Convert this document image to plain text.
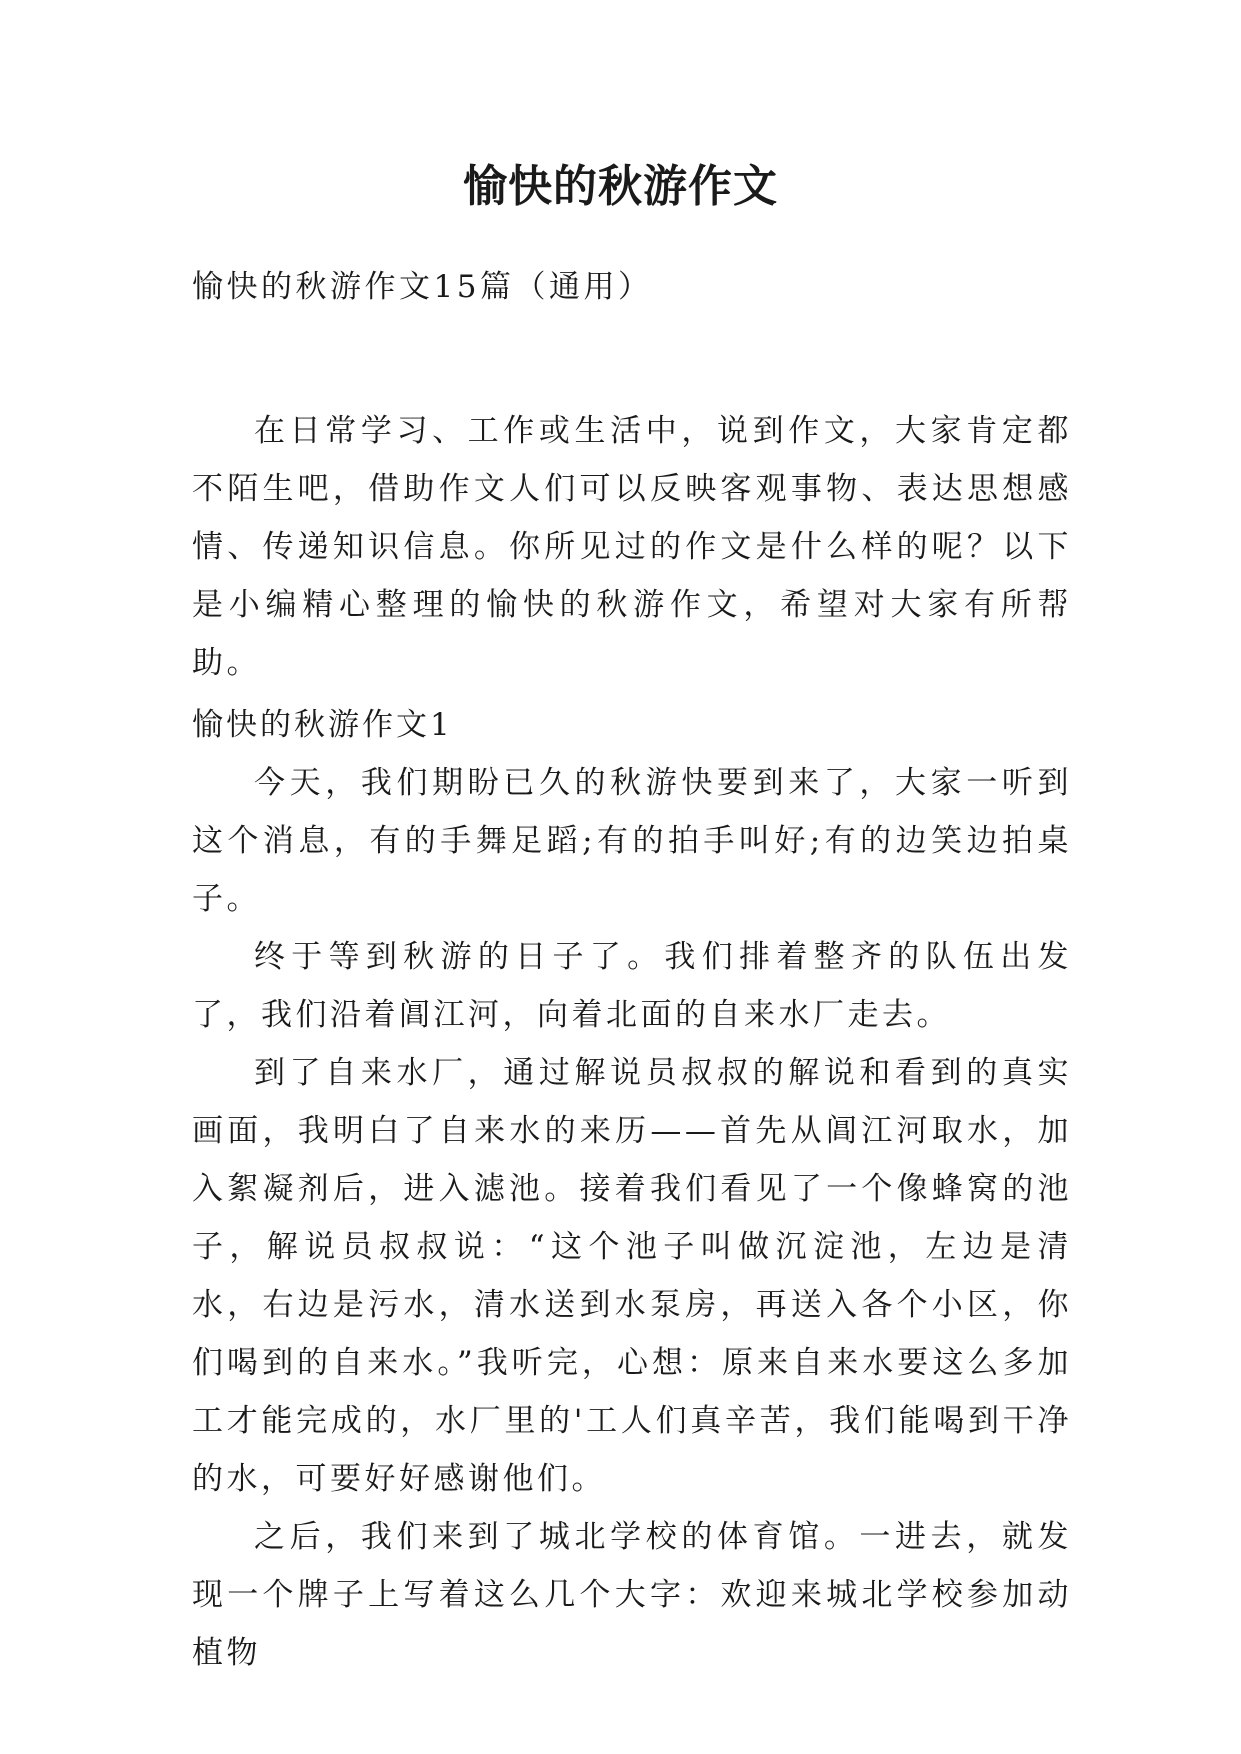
愉快的秋游作文
愉快的秋游作文15篇（通用）

在日常学习、工作或生活中，说到作文，大家肯定都不陌生吧，借助作文人们可以反映客观事物、表达思想感情、传递知识信息。你所见过的作文是什么样的呢？以下是小编精心整理的愉快的秋游作文，希望对大家有所帮助。

愉快的秋游作文1

今天，我们期盼已久的秋游快要到来了，大家一听到这个消息，有的手舞足蹈;有的拍手叫好;有的边笑边拍桌子。

终于等到秋游的日子了。我们排着整齐的队伍出发了，我们沿着阊江河，向着北面的自来水厂走去。

到了自来水厂，通过解说员叔叔的解说和看到的真实画面，我明白了自来水的来历——首先从阊江河取水，加入絮凝剂后，进入滤池。接着我们看见了一个像蜂窝的池子，解说员叔叔说：“这个池子叫做沉淀池，左边是清水，右边是污水，清水送到水泵房，再送入各个小区，你们喝到的自来水。”我听完，心想：原来自来水要这么多加工才能完成的，水厂里的'工人们真辛苦，我们能喝到干净的水，可要好好感谢他们。

之后，我们来到了城北学校的体育馆。一进去，就发现一个牌子上写着这么几个大字：欢迎来城北学校参加动植物
